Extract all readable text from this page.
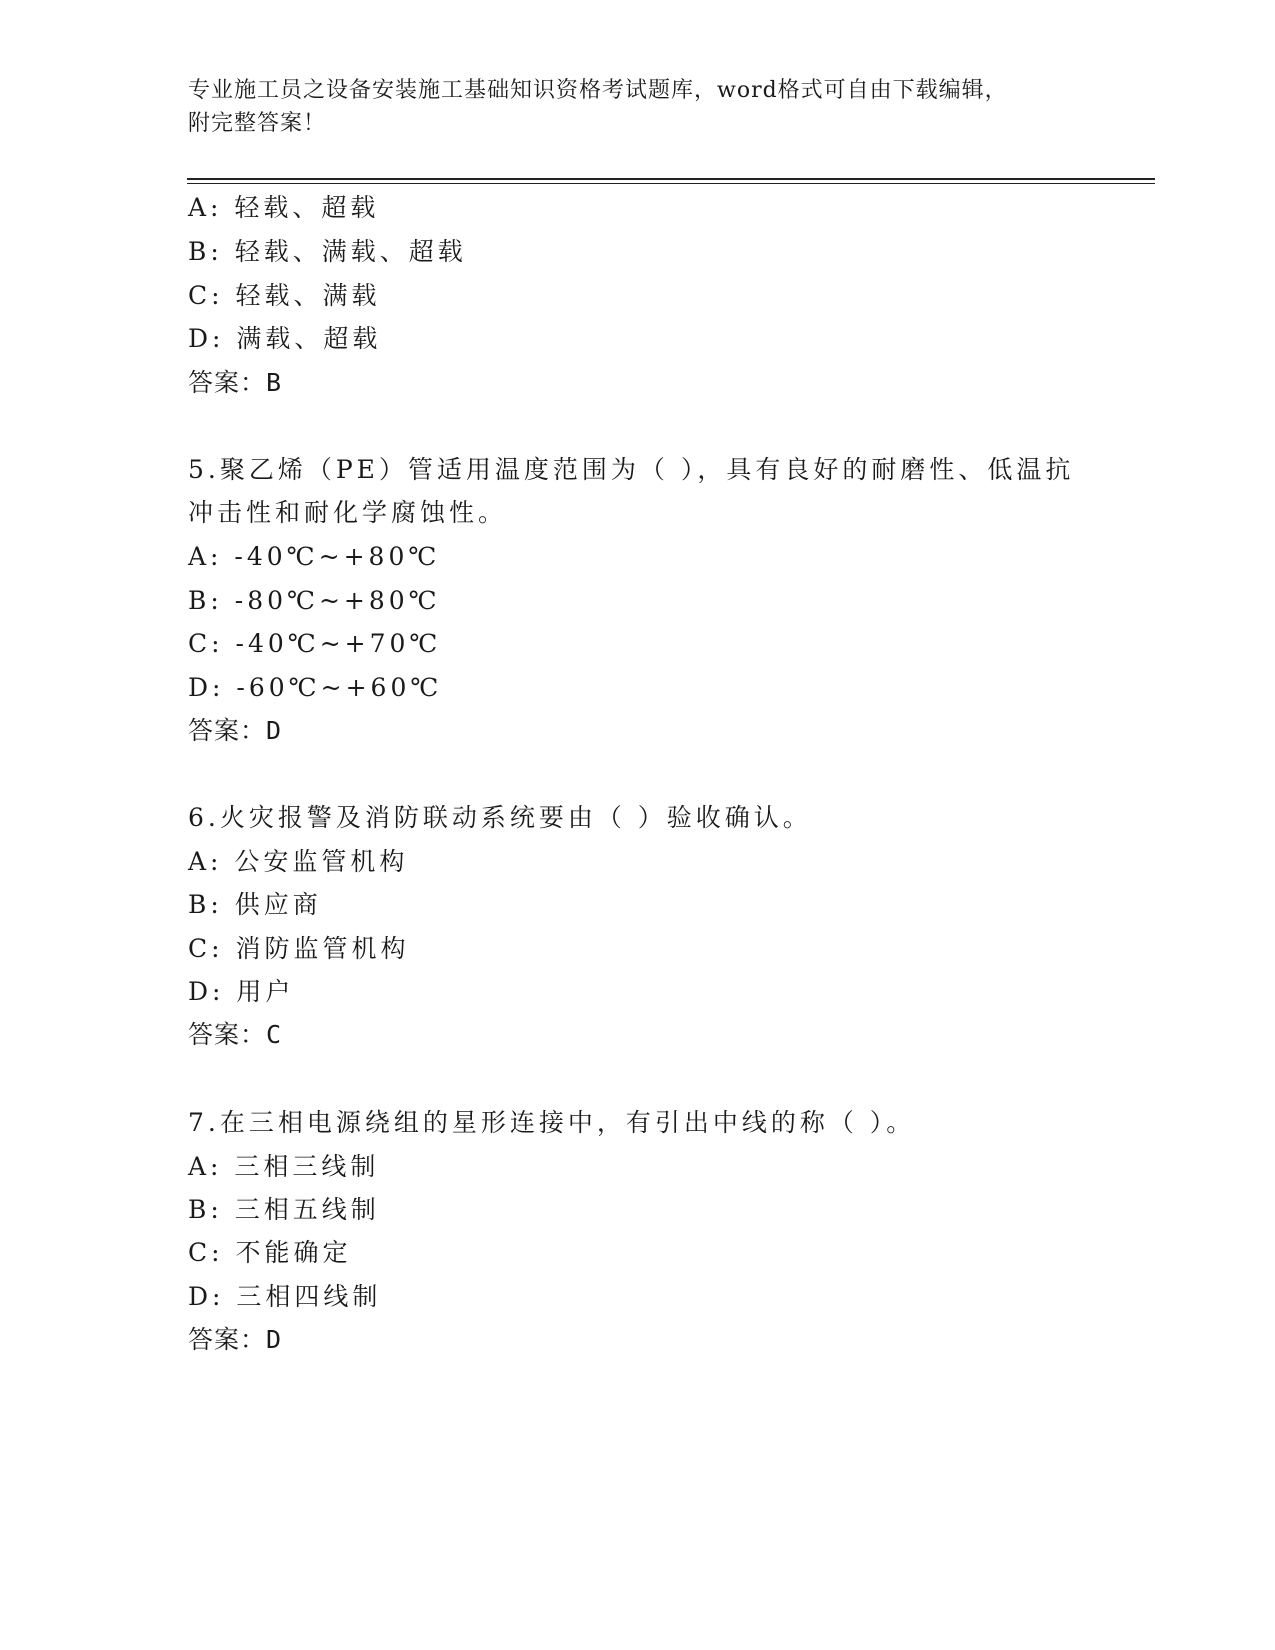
专业施工员之设备安装施工基础知识资格考试题库，word格式可自由下载编辑，
附完整答案！
A: 轻载、超载
B: 轻载、满载、超载
C: 轻载、满载
D: 满载、超载
答案：B
5.聚乙烯（PE）管适用温度范围为（ ），具有良好的耐磨性、低温抗
冲击性和耐化学腐蚀性。
A: -40℃~+80℃
B: -80℃~+80℃
C: -40℃~+70℃
D: -60℃~+60℃
答案：D
6.火灾报警及消防联动系统要由（ ）验收确认。
A: 公安监管机构
B: 供应商
C: 消防监管机构
D: 用户
答案：C
7.在三相电源绕组的星形连接中，有引出中线的称（ ）。
A: 三相三线制
B: 三相五线制
C: 不能确定
D: 三相四线制
答案：D
